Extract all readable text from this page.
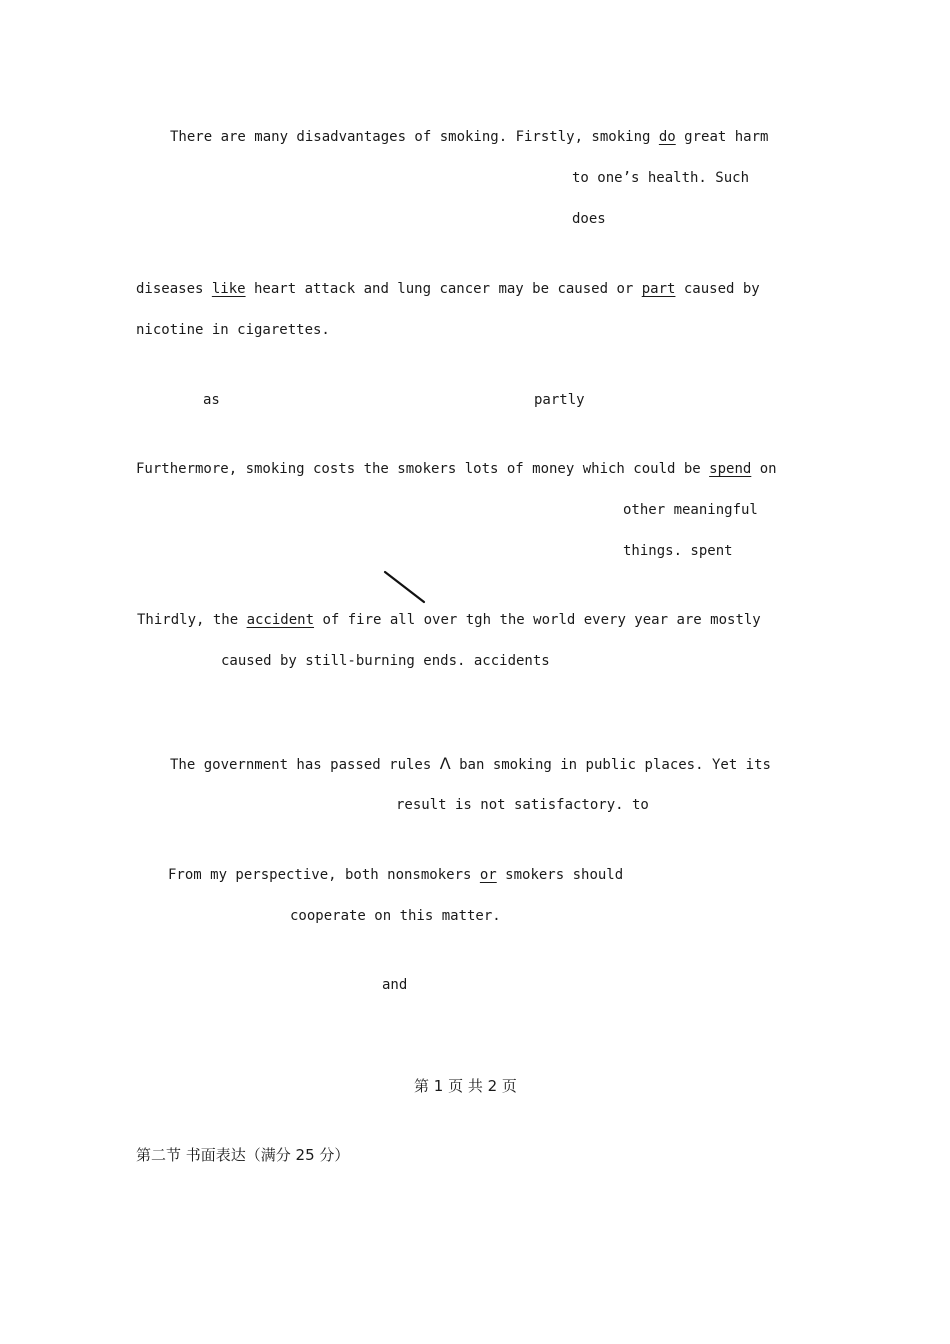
There are many disadvantages of smoking. Firstly, smoking do great harm
to one’s health. Such
does
diseases like heart attack and lung cancer may be caused or part caused by
nicotine in cigarettes.
as	partly
Furthermore, smoking costs the smokers lots of money which could be spend on
other meaningful
things. spent
Thirdly, the accident of fire all over tgh the world every year are mostly
caused by still-burning ends. accidents
The government has passed rules Λ ban smoking in public places. Yet its
result is not satisfactory. to
From my perspective, both nonsmokers or smokers should
cooperate on this matter.
and
第 1 页 共 2 页
第二节 书面表达（满分 25 分）
